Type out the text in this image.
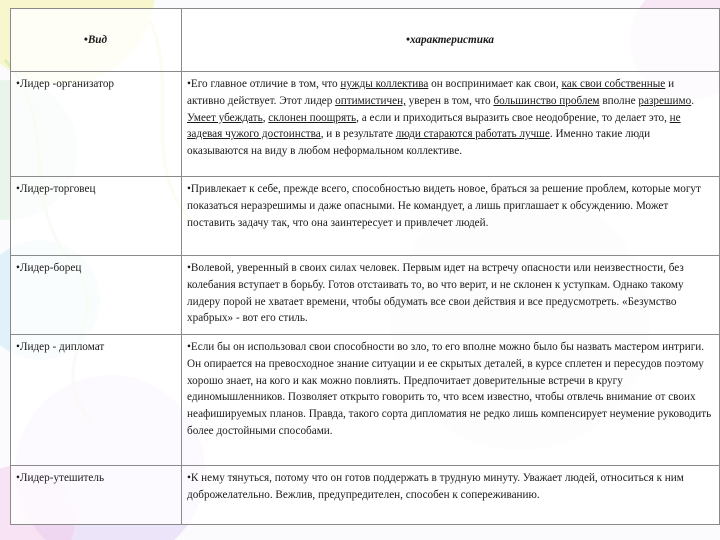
•Вид	•характеристика
•Лидер -организатор	•Его главное отличие в том, что нужды коллектива он воспринимает как свои, как свои собственные и активно действует. Этот лидер оптимистичен, уверен в том, что большинство проблем вполне разрешимо. Умеет убеждать, склонен поощрять, а если и приходиться выразить свое неодобрение, то делает это, не задевая чужого достоинства, и в результате люди стараются работать лучше. Именно такие люди оказываются на виду в любом неформальном коллективе.
•Лидер-торговец	•Привлекает к себе, прежде всего, способностью видеть новое, браться за решение проблем, которые могут показаться неразрешимы и даже опасными. Не командует, а лишь приглашает к обсуждению. Может поставить задачу так, что она заинтересует и привлечет людей.
•Лидер-борец	•Волевой, уверенный в своих силах человек. Первым идет на встречу опасности или неизвестности, без колебания вступает в борьбу. Готов отстаивать то, во что верит, и не склонен к уступкам. Однако такому лидеру порой не хватает времени, чтобы обдумать все свои действия и все предусмотреть. «Безумство храбрых» - вот его стиль.
•Лидер - дипломат	•Если бы он использовал свои способности во зло, то его вполне можно было бы назвать мастером интриги. Он опирается на превосходное знание ситуации и ее скрытых деталей, в курсе сплетен и пересудов поэтому хорошо знает, на кого и как можно повлиять. Предпочитает доверительные встречи в кругу единомышленников. Позволяет открыто говорить то, что всем известно, чтобы отвлечь внимание от своих неафишируемых планов. Правда, такого сорта дипломатия не редко лишь компенсирует неумение руководить более достойными способами.
•Лидер-утешитель	•К нему тянуться, потому что он готов поддержать в трудную минуту. Уважает людей, относиться к ним доброжелательно. Вежлив, предупредителен, способен к сопереживанию.
